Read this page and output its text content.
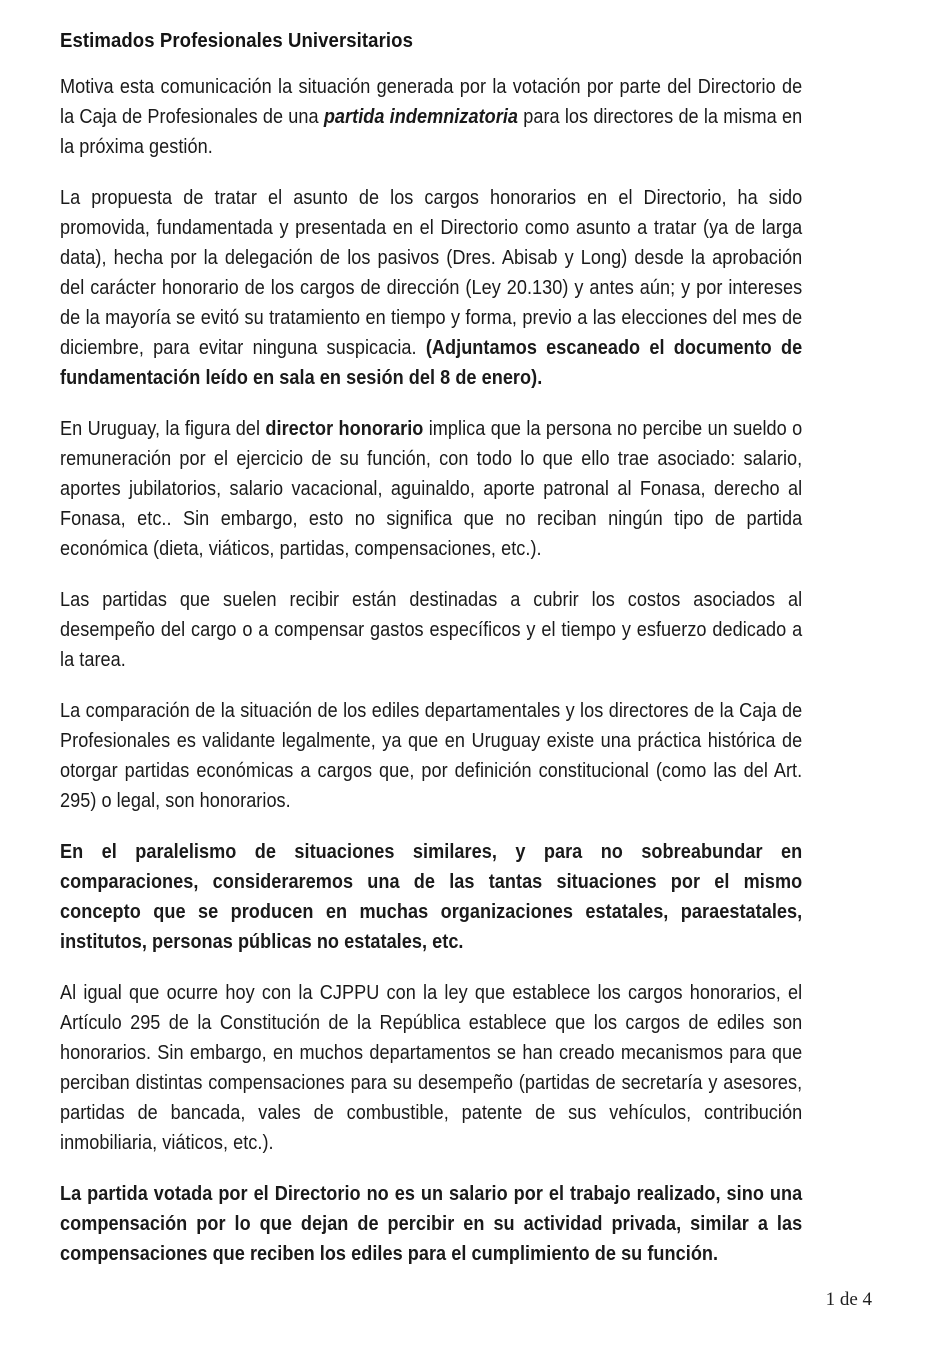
Estimados Profesionales Universitarios

Motiva esta comunicación la situación generada por la votación por parte del Directorio de la Caja de Profesionales de una partida indemnizatoria para los directores de la misma en la próxima gestión.

La propuesta de tratar el asunto de los cargos honorarios en el Directorio, ha sido promovida, fundamentada y presentada en el Directorio como asunto a tratar (ya de larga data), hecha por la delegación de los pasivos (Dres. Abisab y Long) desde la aprobación del carácter honorario de los cargos de dirección (Ley 20.130) y antes aún; y por intereses de la mayoría se evitó su tratamiento en tiempo y forma, previo a las elecciones del mes de diciembre, para evitar ninguna suspicacia. (Adjuntamos escaneado el documento de fundamentación leído en sala en sesión del 8 de enero).

En Uruguay, la figura del director honorario implica que la persona no percibe un sueldo o remuneración por el ejercicio de su función, con todo lo que ello trae asociado: salario, aportes jubilatorios, salario vacacional, aguinaldo, aporte patronal al Fonasa, derecho al Fonasa, etc.. Sin embargo, esto no significa que no reciban ningún tipo de partida económica (dieta, viáticos, partidas, compensaciones, etc.).

Las partidas que suelen recibir están destinadas a cubrir los costos asociados al desempeño del cargo o a compensar gastos específicos y el tiempo y esfuerzo dedicado a la tarea.

La comparación de la situación de los ediles departamentales y los directores de la Caja de Profesionales es validante legalmente, ya que en Uruguay existe una práctica histórica de otorgar partidas económicas a cargos que, por definición constitucional (como las del Art. 295) o legal, son honorarios.

En el paralelismo de situaciones similares, y para no sobreabundar en comparaciones, consideraremos una de las tantas situaciones por el mismo concepto que se producen en muchas organizaciones estatales, paraestatales, institutos, personas públicas no estatales, etc.

Al igual que ocurre hoy con la CJPPU con la ley que establece los cargos honorarios, el Artículo 295 de la Constitución de la República establece que los cargos de ediles son honorarios. Sin embargo, en muchos departamentos se han creado mecanismos para que perciban distintas compensaciones para su desempeño (partidas de secretaría y asesores, partidas de bancada, vales de combustible, patente de sus vehículos, contribución inmobiliaria, viáticos, etc.).

La partida votada por el Directorio no es un salario por el trabajo realizado, sino una compensación por lo que dejan de percibir en su actividad privada, similar a las compensaciones que reciben los ediles para el cumplimiento de su función.

1 de 4
